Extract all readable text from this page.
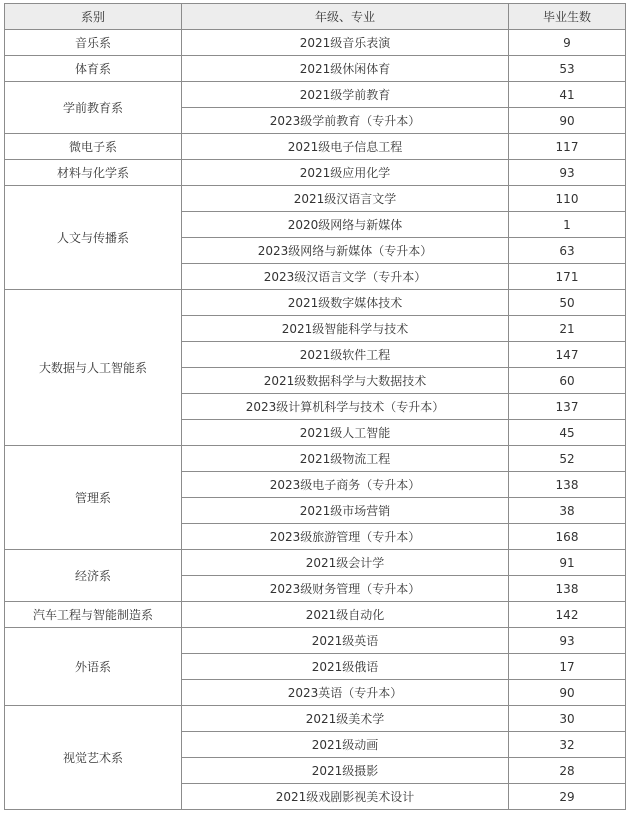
系别	年级、专业	毕业生数
音乐系	2021级音乐表演	9
体育系	2021级休闲体育	53
学前教育系	2021级学前教育	41
	2023级学前教育（专升本）	90
微电子系	2021级电子信息工程	117
材料与化学系	2021级应用化学	93
人文与传播系	2021级汉语言文学	110
	2020级网络与新媒体	1
	2023级网络与新媒体（专升本）	63
	2023级汉语言文学（专升本）	171
大数据与人工智能系	2021级数字媒体技术	50
	2021级智能科学与技术	21
	2021级软件工程	147
	2021级数据科学与大数据技术	60
	2023级计算机科学与技术（专升本）	137
	2021级人工智能	45
管理系	2021级物流工程	52
	2023级电子商务（专升本）	138
	2021级市场营销	38
	2023级旅游管理（专升本）	168
经济系	2021级会计学	91
	2023级财务管理（专升本）	138
汽车工程与智能制造系	2021级自动化	142
外语系	2021级英语	93
	2021级俄语	17
	2023英语（专升本）	90
视觉艺术系	2021级美术学	30
	2021级动画	32
	2021级摄影	28
	2021级戏剧影视美术设计	29
